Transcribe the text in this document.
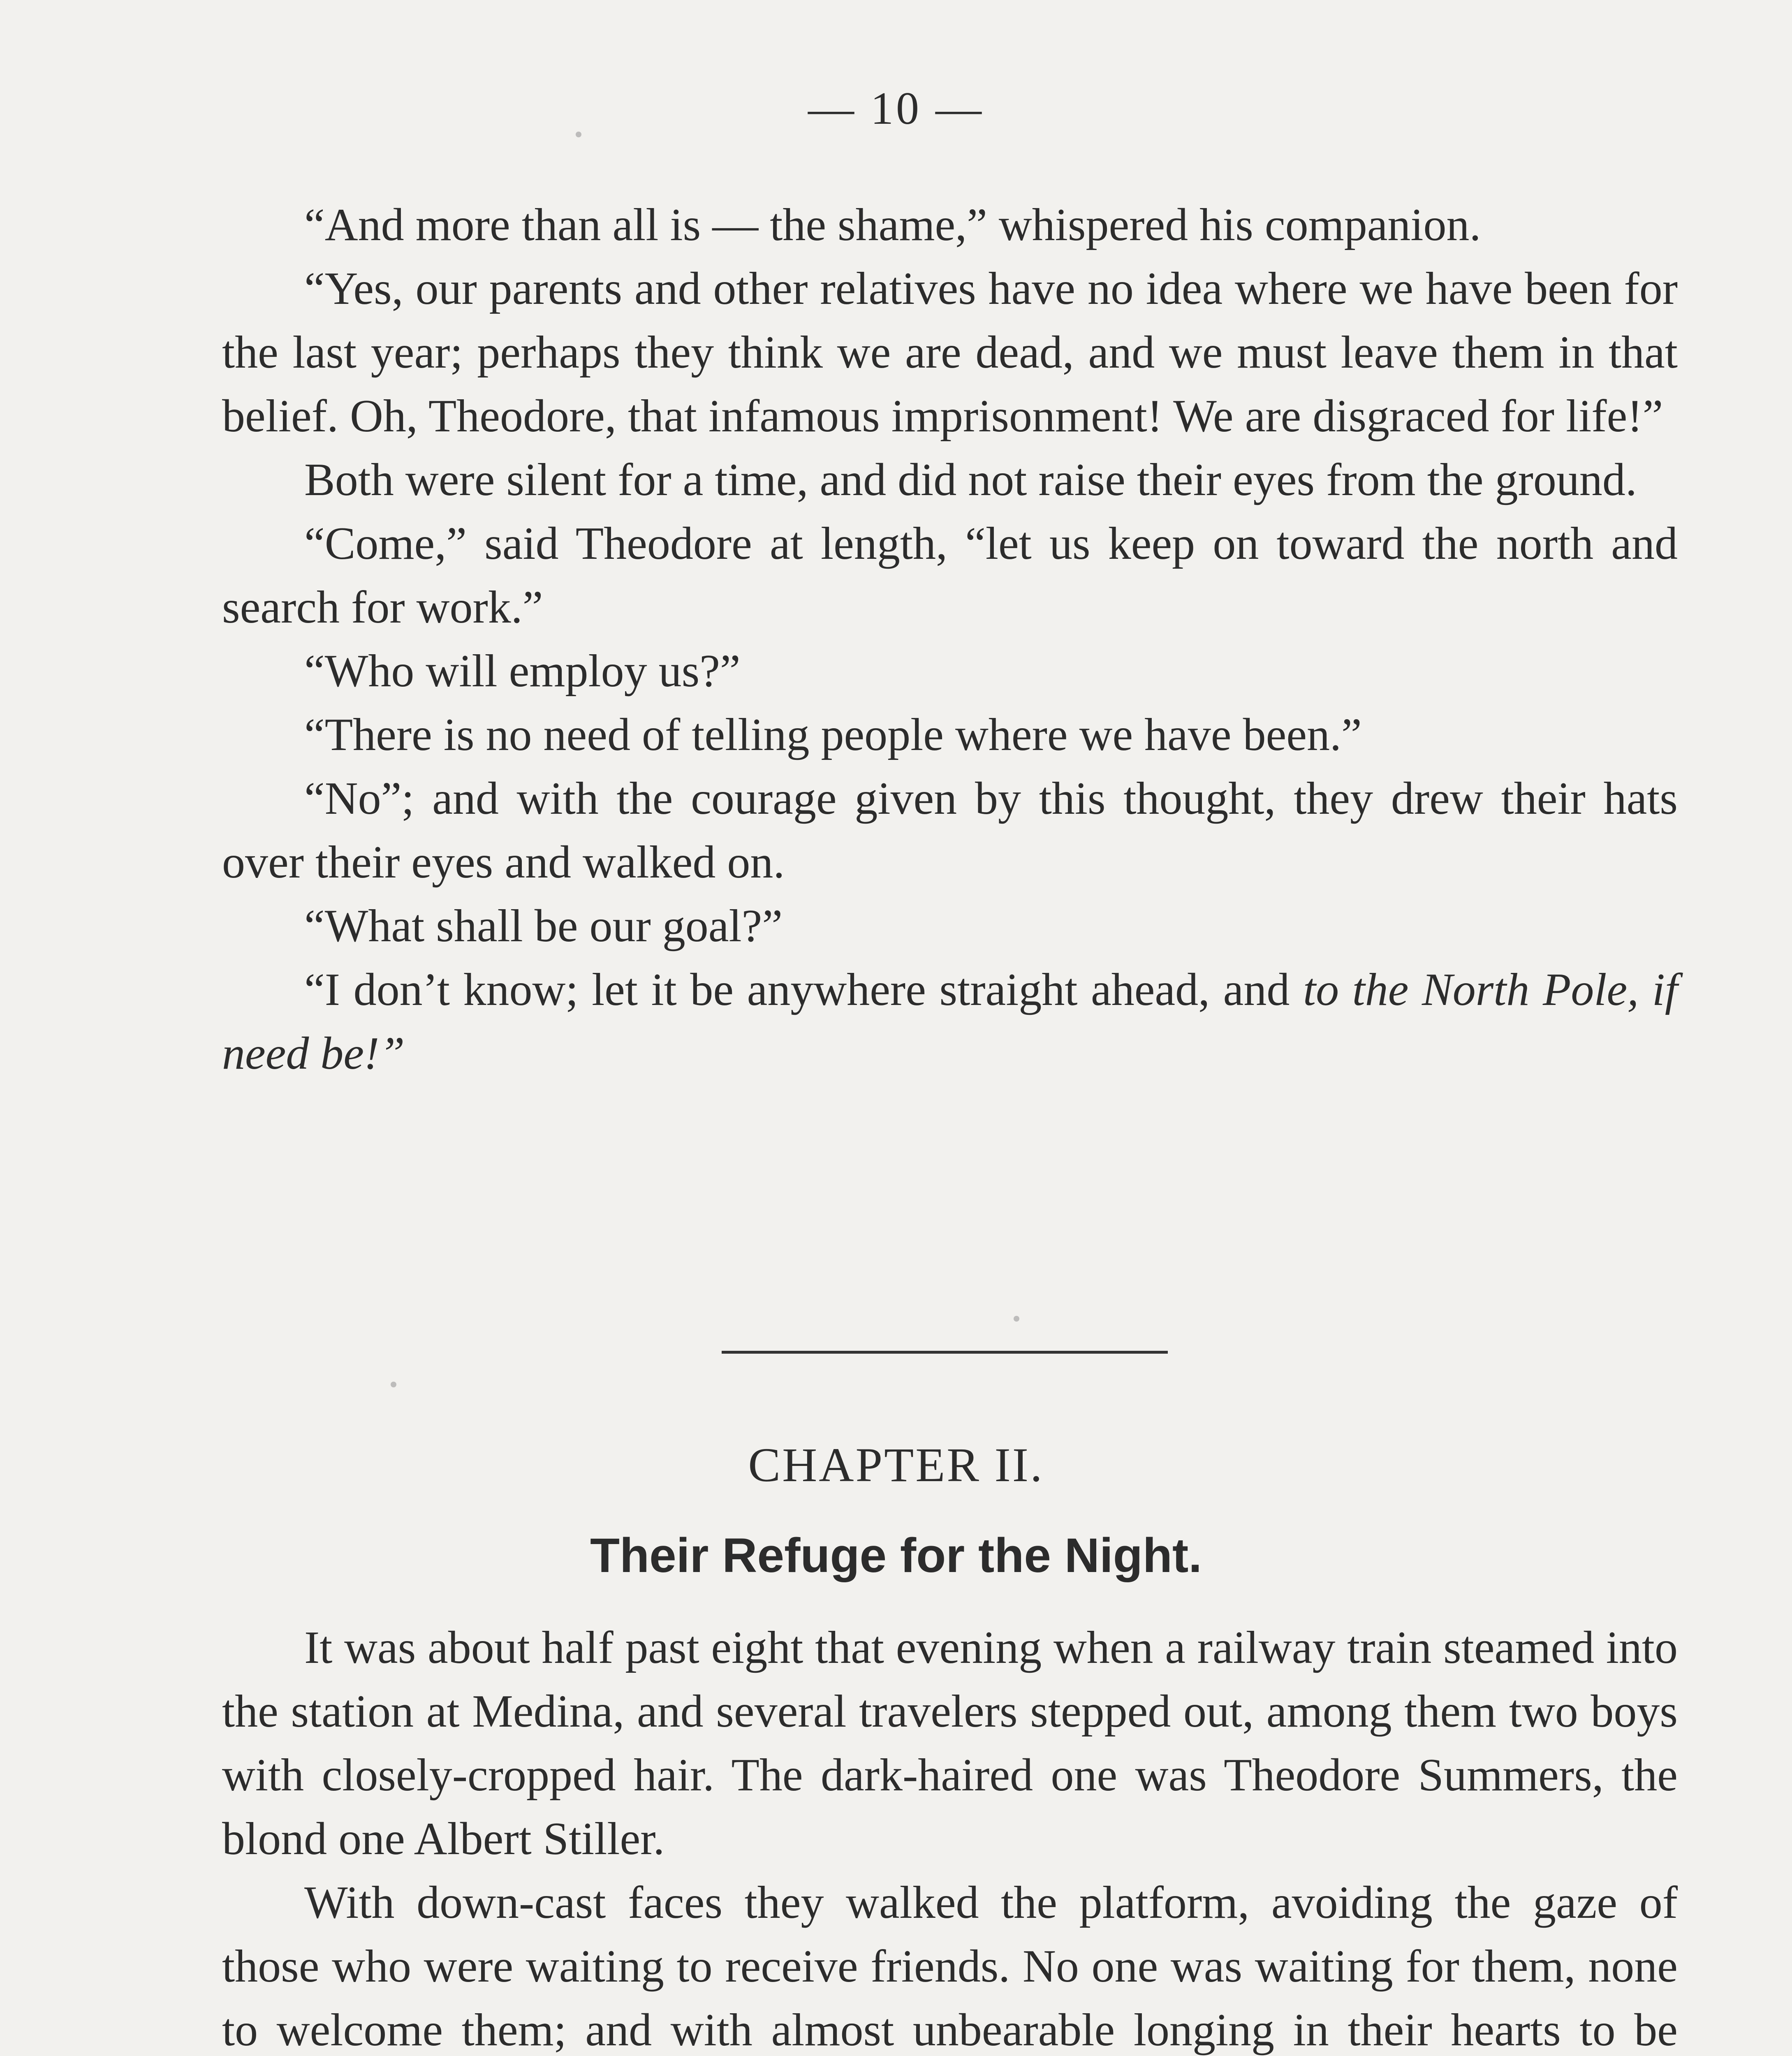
— 10 —

“And more than all is — the shame,” whispered his companion.

“Yes, our parents and other relatives have no idea where we have been for the last year; perhaps they think we are dead, and we must leave them in that belief. Oh, Theodore, that infamous imprisonment! We are disgraced for life!”

Both were silent for a time, and did not raise their eyes from the ground.

“Come,” said Theodore at length, “let us keep on toward the north and search for work.”

“Who will employ us?”

“There is no need of telling people where we have been.”

“No”; and with the courage given by this thought, they drew their hats over their eyes and walked on.

“What shall be our goal?”

“I don’t know; let it be anywhere straight ahead, and to the North Pole, if need be!”

CHAPTER II.
Their Refuge for the Night.

It was about half past eight that evening when a railway train steamed into the station at Medina, and several travelers stepped out, among them two boys with closely-cropped hair. The dark-haired one was Theodore Summers, the blond one Albert Stiller.

With down-cast faces they walked the platform, avoiding the gaze of those who were waiting to receive friends. No one was waiting for them, none to welcome them; and with almost unbearable longing in their hearts to be
